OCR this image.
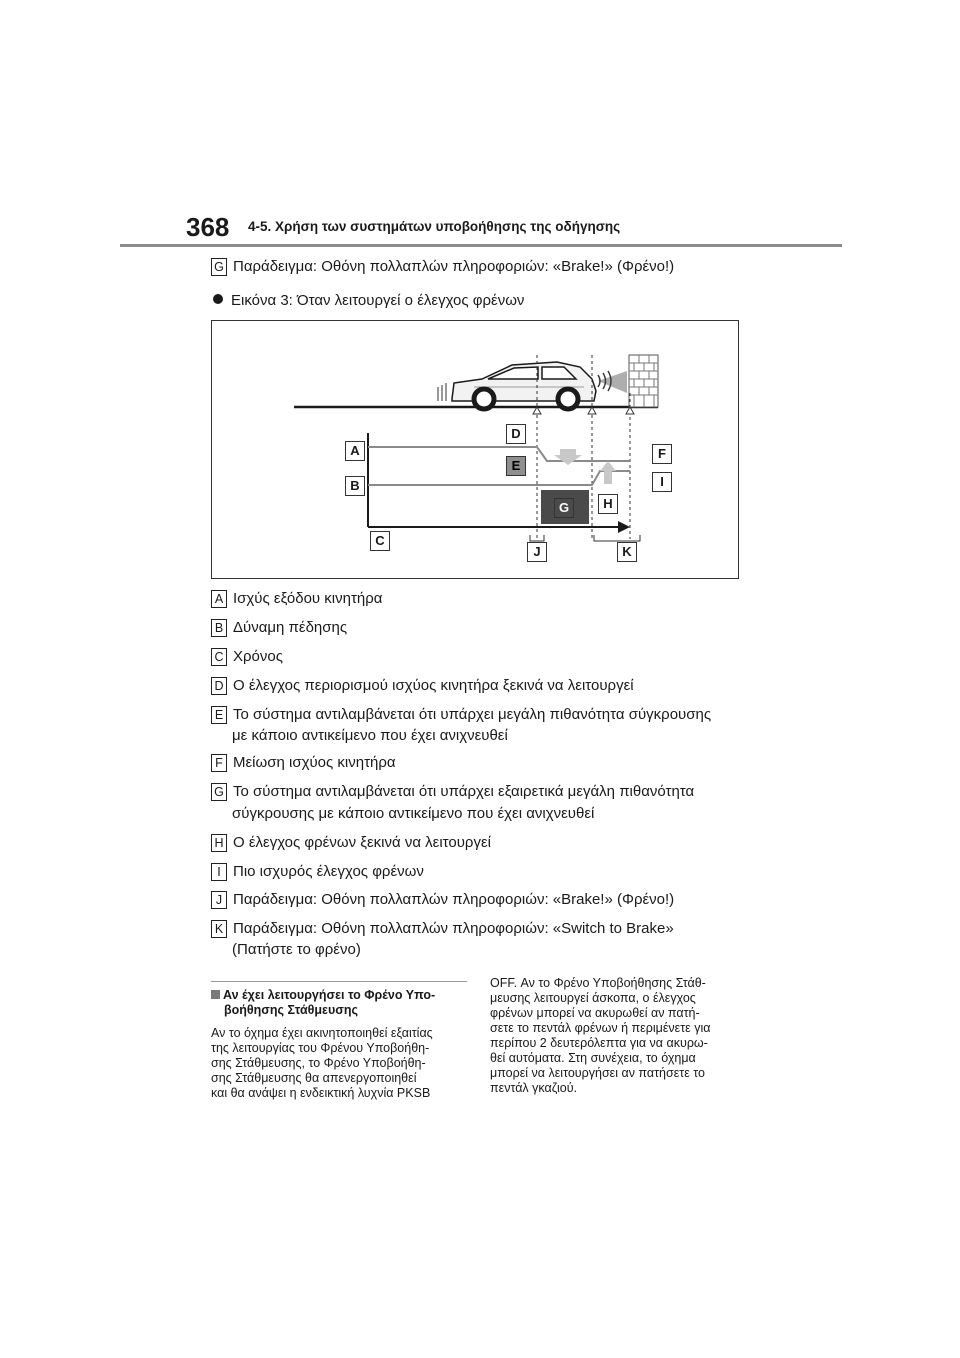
368 4-5. Χρήση των συστημάτων υποβοήθησης της οδήγησης
G Παράδειγμα: Οθόνη πολλαπλών πληροφοριών: «Brake!» (Φρένο!)
Εικόνα 3: Όταν λειτουργεί ο έλεγχος φρένων
A
B
C
D
E
F
G	H
I
J	K
A Ισχύς εξόδου κινητήρα
B Δύναμη πέδησης
C Χρόνος
D Ο έλεγχος περιορισμού ισχύος κινητήρα ξεκινά να λειτουργεί
E Το σύστημα αντιλαμβάνεται ότι υπάρχει μεγάλη πιθανότητα σύγκρουσης
με κάποιο αντικείμενο που έχει ανιχνευθεί
F Μείωση ισχύος κινητήρα
G Το σύστημα αντιλαμβάνεται ότι υπάρχει εξαιρετικά μεγάλη πιθανότητα
σύγκρουσης με κάποιο αντικείμενο που έχει ανιχνευθεί
H Ο έλεγχος φρένων ξεκινά να λειτουργεί
I Πιο ισχυρός έλεγχος φρένων
J Παράδειγμα: Οθόνη πολλαπλών πληροφοριών: «Brake!» (Φρένο!)
K Παράδειγμα: Οθόνη πολλαπλών πληροφοριών: «Switch to Brake»
(Πατήστε το φρένο)
Αν έχει λειτουργήσει το Φρένο Υπο-
βοήθησης Στάθμευσης
Αν το όχημα έχει ακινητοποιηθεί εξαιτίας
της λειτουργίας του Φρένου Υποβοήθη-
σης Στάθμευσης, το Φρένο Υποβοήθη-
σης Στάθμευσης θα απενεργοποιηθεί
και θα ανάψει η ενδεικτική λυχνία PKSB
OFF. Αν το Φρένο Υποβοήθησης Στάθ-
μευσης λειτουργεί άσκοπα, ο έλεγχος
φρένων μπορεί να ακυρωθεί αν πατή-
σετε το πεντάλ φρένων ή περιμένετε για
περίπου 2 δευτερόλεπτα για να ακυρω-
θεί αυτόματα. Στη συνέχεια, το όχημα
μπορεί να λειτουργήσει αν πατήσετε το
πεντάλ γκαζιού.
